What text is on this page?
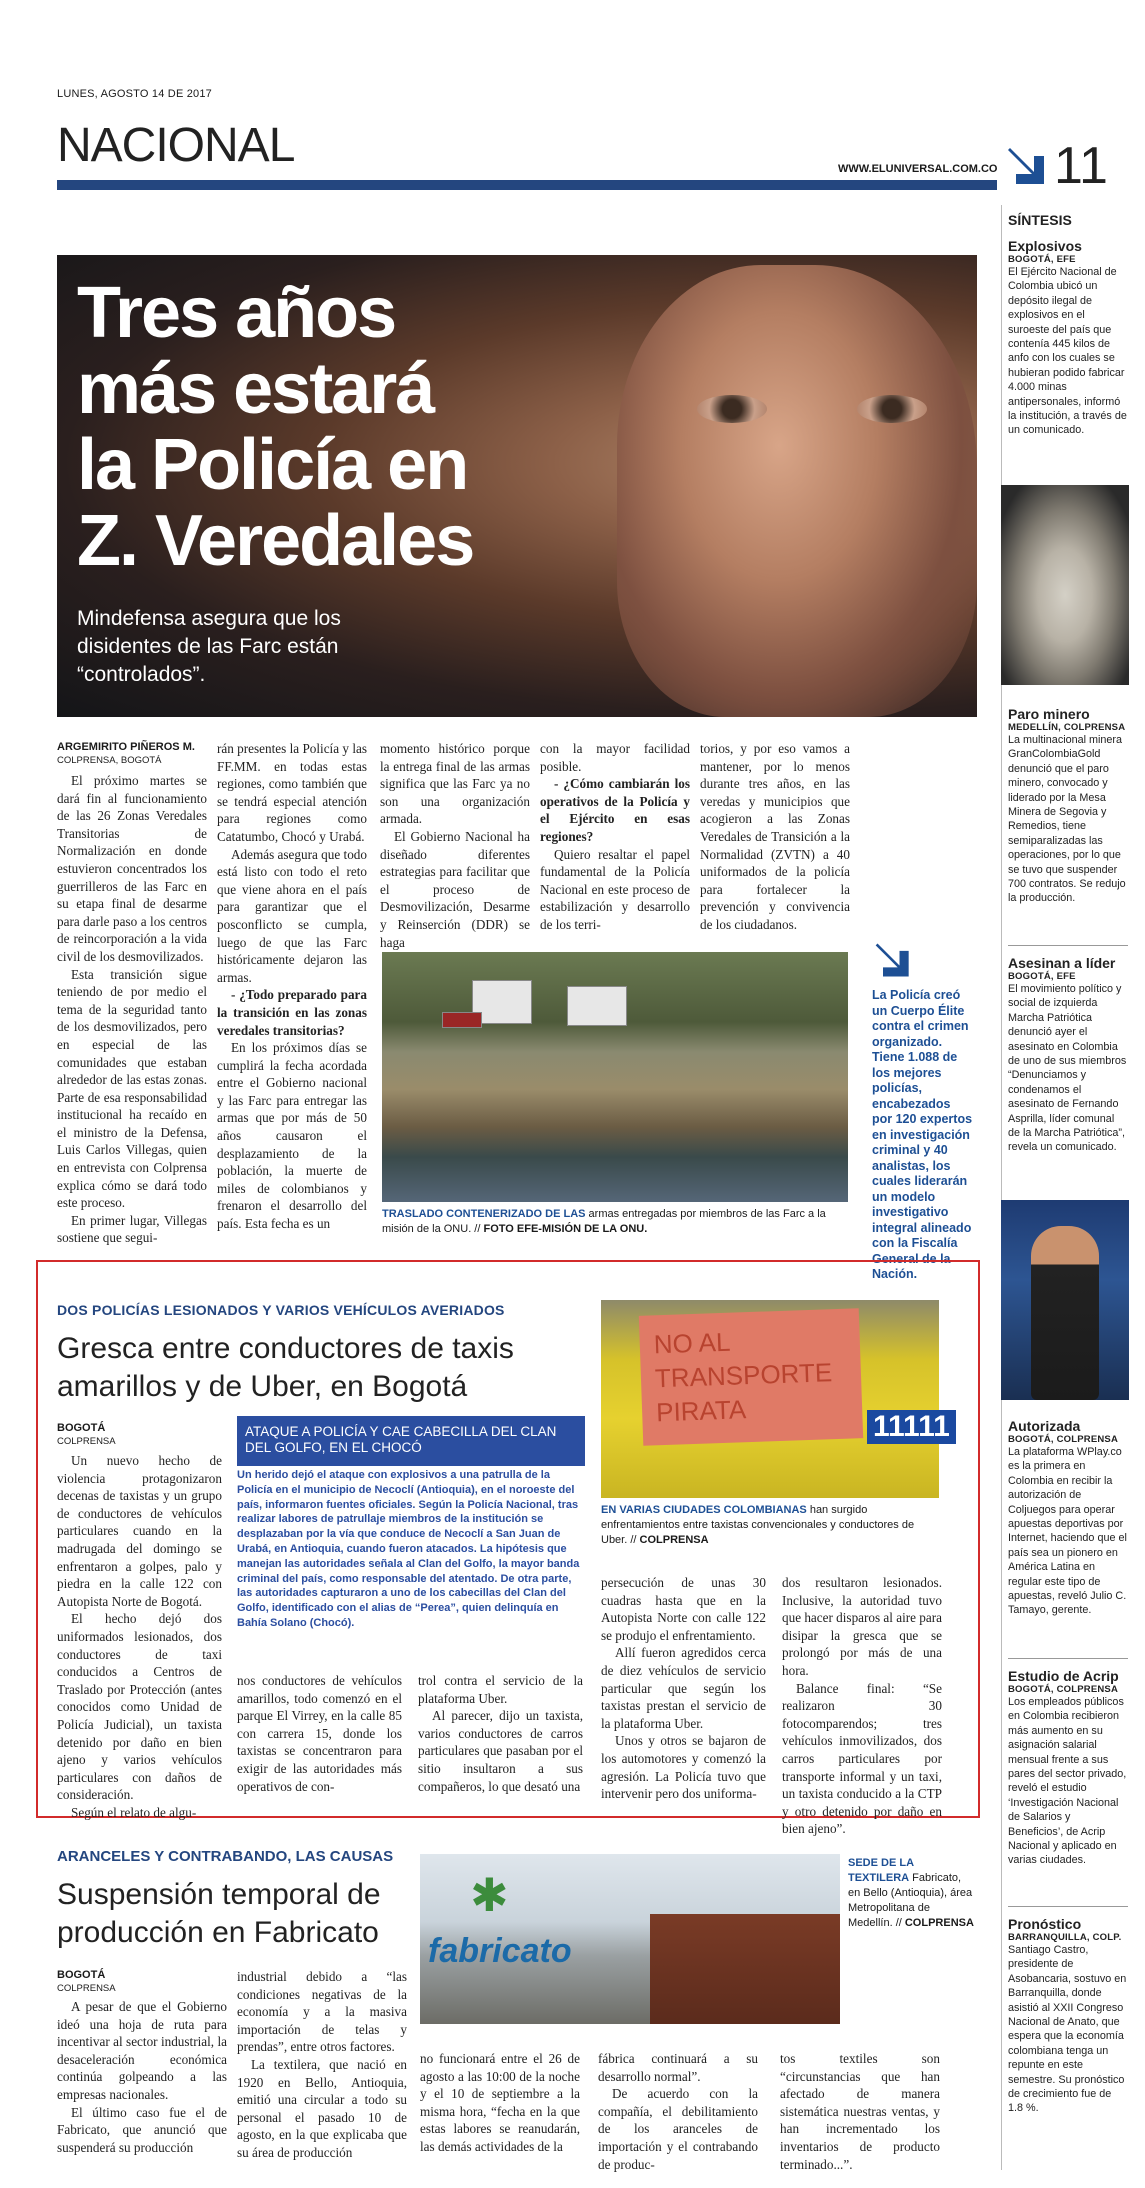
LUNES, AGOSTO 14 DE 2017
NACIONAL	WWW.ELUNIVERSAL.COM.CO 11
Tres años
más estará
la Policía en
Z. Veredales
Mindefensa asegura que los
disidentes de las Farc están
“controlados”.
ARGEMIRITO PIÑEROS M.
COLPRENSA, BOGOTÁ

El próximo martes se dará fin al funcionamiento de las 26 Zonas Veredales Transitorias de Normalización en donde estuvieron concentrados los guerrilleros de las Farc en su etapa final de desarme para darle paso a los centros de reincorporación a la vida civil de los desmovilizados.

Esta transición sigue teniendo de por medio el tema de la seguridad tanto de los desmovilizados, pero en especial de las comunidades que estaban alrededor de las estas zonas. Parte de esa responsabilidad institucional ha recaído en el ministro de la Defensa, Luis Carlos Villegas, quien en entrevista con Colprensa explica cómo se dará todo este proceso.

En primer lugar, Villegas sostiene que segui-

rán presentes la Policía y las FF.MM. en todas estas regiones, como también que se tendrá especial atención para regiones como Catatumbo, Chocó y Urabá.

Además asegura que todo está listo con todo el reto que viene ahora en el país para garantizar que el posconflicto se cumpla, luego de que las Farc históricamente dejaron las armas.

- ¿Todo preparado para la transición en las zonas veredales transitorias?

En los próximos días se cumplirá la fecha acordada entre el Gobierno nacional y las Farc para entregar las armas que por más de 50 años causaron el desplazamiento de la población, la muerte de miles de colombianos y frenaron el desarrollo del país. Esta fecha es un

momento histórico porque la entrega final de las armas significa que las Farc ya no son una organización armada.

El Gobierno Nacional ha diseñado diferentes estrategias para facilitar que el proceso de Desmovilización, Desarme y Reinserción (DDR) se haga

con la mayor facilidad posible.

- ¿Cómo cambiarán los operativos de la Policía y el Ejército en esas regiones?

Quiero resaltar el papel fundamental de la Policía Nacional en este proceso de estabilización y desarrollo de los terri-

torios, y por eso vamos a mantener, por lo menos durante tres años, en las veredas y municipios que acogieron a las Zonas Veredales de Transición a la Normalidad (ZVTN) a 40 uniformados de la policía para fortalecer la prevención y convivencia de los ciudadanos.

TRASLADO CONTENERIZADO DE LAS armas entregadas por miembros de las Farc a la misión de la ONU. // FOTO EFE-MISIÓN DE LA ONU.
La Policía creó un Cuerpo Élite contra el crimen organizado. Tiene 1.088 de los mejores policías, encabezados por 120 expertos en investigación criminal y 40 analistas, los cuales liderarán un modelo investigativo integral alineado con la Fiscalía General de la Nación.
DOS POLICÍAS LESIONADOS Y VARIOS VEHÍCULOS AVERIADOS
Gresca entre conductores de taxis
amarillos y de Uber, en Bogotá
BOGOTÁ
COLPRENSA

Un nuevo hecho de violencia protagonizaron decenas de taxistas y un grupo de conductores de vehículos particulares cuando en la madrugada del domingo se enfrentaron a golpes, palo y piedra en la calle 122 con Autopista Norte de Bogotá.

El hecho dejó dos uniformados lesionados, dos conductores de taxi conducidos a Centros de Traslado por Protección (antes conocidos como Unidad de Policía Judicial), un taxista detenido por daño en bien ajeno y varios vehículos particulares con daños de consideración.

Según el relato de algu-

ATAQUE A POLICÍA Y CAE CABECILLA DEL CLAN DEL GOLFO, EN EL CHOCÓ
Un herido dejó el ataque con explosivos a una patrulla de la Policía en el municipio de Necoclí (Antioquia), en el noroeste del país, informaron fuentes oficiales. Según la Policía Nacional, tras realizar labores de patrullaje miembros de la institución se desplazaban por la vía que conduce de Necoclí a San Juan de Urabá, en Antioquia, cuando fueron atacados. La hipótesis que manejan las autoridades señala al Clan del Golfo, la mayor banda criminal del país, como responsable del atentado. De otra parte, las autoridades capturaron a uno de los cabecillas del Clan del Golfo, identificado con el alias de “Perea”, quien delinquía en Bahía Solano (Chocó).

nos conductores de vehículos amarillos, todo comenzó en el parque El Virrey, en la calle 85 con carrera 15, donde los taxistas se concentraron para exigir de las autoridades más operativos de con-

trol contra el servicio de la plataforma Uber.

Al parecer, dijo un taxista, varios conductores de carros particulares que pasaban por el sitio insultaron a sus compañeros, lo que desató una

persecución de unas 30 cuadras hasta que en la Autopista Norte con calle 122 se produjo el enfrentamiento.

Allí fueron agredidos cerca de diez vehículos de servicio particular que según los taxistas prestan el servicio de la plataforma Uber.

Unos y otros se bajaron de los automotores y comenzó la agresión. La Policía tuvo que intervenir pero dos uniforma-

dos resultaron lesionados. Inclusive, la autoridad tuvo que hacer disparos al aire para disipar la gresca que se prolongó por más de una hora.

Balance final: “Se realizaron 30 fotocomparendos; tres vehículos inmovilizados, dos carros particulares por transporte informal y un taxi, un taxista conducido a la CTP y otro detenido por daño en bien ajeno”.

NO AL TRANSPORTE PIRATA	11111
EN VARIAS CIUDADES COLOMBIANAS han surgido enfrentamientos entre taxistas convencionales y conductores de Uber. // COLPRENSA
ARANCELES Y CONTRABANDO, LAS CAUSAS
Suspensión temporal de
producción en Fabricato
✱
fabricato
SEDE DE LA TEXTILERA Fabricato, en Bello (Antioquia), área Metropolitana de Medellín. // COLPRENSA
BOGOTÁ
COLPRENSA

A pesar de que el Gobierno ideó una hoja de ruta para incentivar al sector industrial, la desaceleración económica continúa golpeando a las empresas nacionales.

El último caso fue el de Fabricato, que anunció que suspenderá su producción

industrial debido a “las condiciones negativas de la economía y a la masiva importación de telas y prendas”, entre otros factores.

La textilera, que nació en 1920 en Bello, Antioquia, emitió una circular a todo su personal el pasado 10 de agosto, en la que explicaba que su área de producción

no funcionará entre el 26 de agosto a las 10:00 de la noche y el 10 de septiembre a la misma hora, “fecha en la que estas labores se reanudarán, las demás actividades de la

fábrica continuará a su desarrollo normal”.

De acuerdo con la compañía, el debilitamiento de los aranceles de importación y el contrabando de produc-

tos textiles son “circunstancias que han afectado de manera sistemática nuestras ventas, y han incrementado los inventarios de producto terminado...”.

SÍNTESIS
Explosivos
BOGOTÁ, EFE
El Ejército Nacional de Colombia ubicó un depósito ilegal de explosivos en el suroeste del país que contenía 445 kilos de anfo con los cuales se hubieran podido fabricar 4.000 minas antipersonales, informó la institución, a través de un comunicado.
Paro minero
MEDELLÍN, COLPRENSA
La multinacional minera GranColombiaGold denunció que el paro minero, convocado y liderado por la Mesa Minera de Segovia y Remedios, tiene semiparalizadas las operaciones, por lo que se tuvo que suspender 700 contratos. Se redujo la producción.
Asesinan a líder
BOGOTÁ, EFE
El movimiento político y social de izquierda Marcha Patriótica denunció ayer el asesinato en Colombia de uno de sus miembros “Denunciamos y condenamos el asesinato de Fernando Asprilla, líder comunal de la Marcha Patriótica”, revela un comunicado.
Autorizada
BOGOTÁ, COLPRENSA
La plataforma WPlay.co es la primera en Colombia en recibir la autorización de Coljuegos para operar apuestas deportivas por Internet, haciendo que el país sea un pionero en América Latina en regular este tipo de apuestas, reveló Julio C. Tamayo, gerente.
Estudio de Acrip
BOGOTÁ, COLPRENSA
Los empleados públicos en Colombia recibieron más aumento en su asignación salarial mensual frente a sus pares del sector privado, reveló el estudio ‘Investigación Nacional de Salarios y Beneficios’, de Acrip Nacional y aplicado en varias ciudades.
Pronóstico
BARRANQUILLA, COLP.
Santiago Castro, presidente de Asobancaria, sostuvo en Barranquilla, donde asistió al XXII Congreso Nacional de Anato, que espera que la economía colombiana tenga un repunte en este semestre. Su pronóstico de crecimiento fue de 1.8 %.
